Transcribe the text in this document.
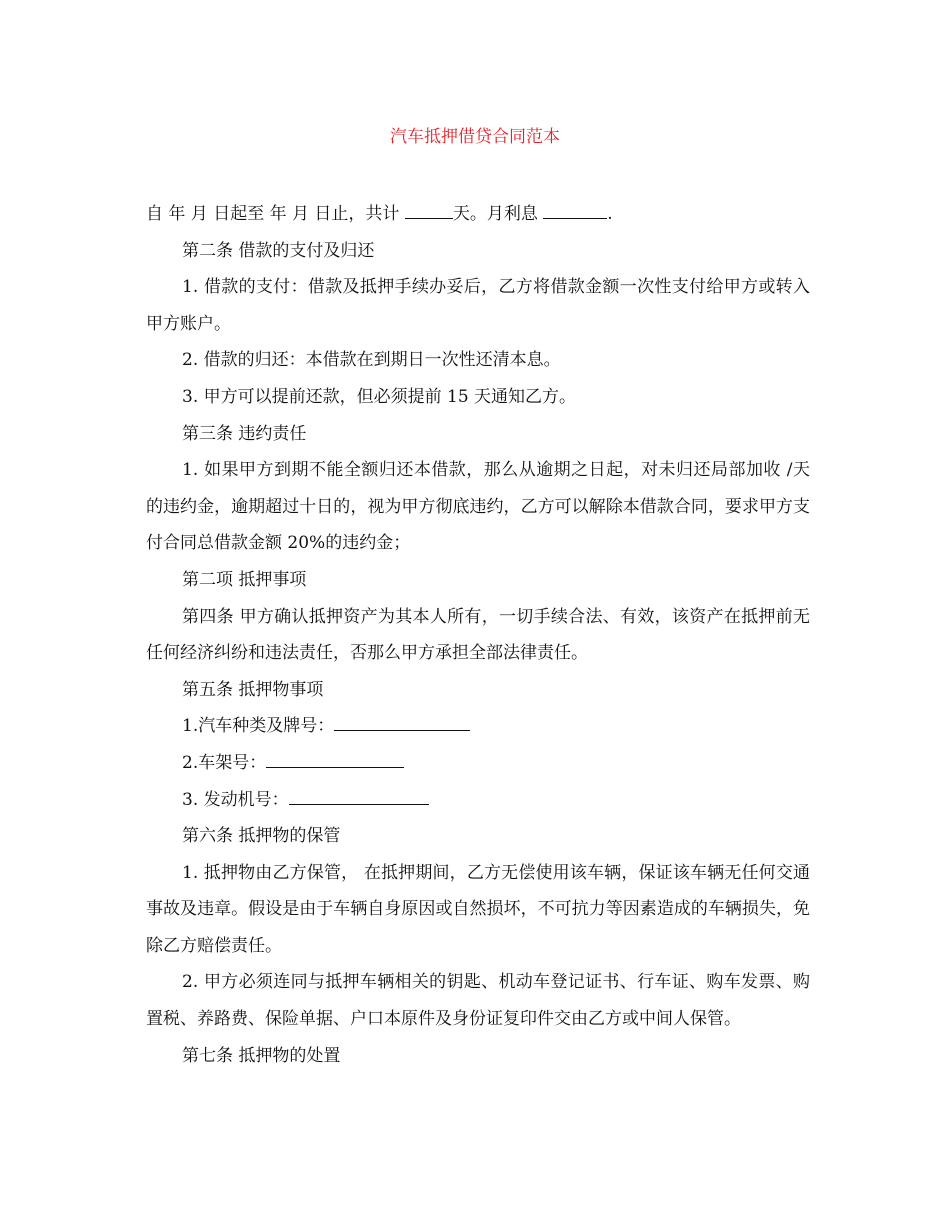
汽车抵押借贷合同范本

自 年 月 日起至 年 月 日止，共计	天。月利息	.

第二条 借款的支付及归还

1. 借款的支付：借款及抵押手续办妥后，乙方将借款金额一次性支付给甲方或转入甲方账户。

2. 借款的归还：本借款在到期日一次性还清本息。

3. 甲方可以提前还款，但必须提前 15 天通知乙方。

第三条 违约责任

1. 如果甲方到期不能全额归还本借款，那么从逾期之日起，对未归还局部加收 /天 的违约金，逾期超过十日的，视为甲方彻底违约，乙方可以解除本借款合同，要求甲方支付合同总借款金额 20%的违约金；

第二项 抵押事项

第四条 甲方确认抵押资产为其本人所有，一切手续合法、有效，该资产在抵押前无任何经济纠纷和违法责任，否那么甲方承担全部法律责任。

第五条 抵押物事项

1.汽车种类及牌号：

2.车架号：

3. 发动机号：

第六条 抵押物的保管

1. 抵押物由乙方保管， 在抵押期间，乙方无偿使用该车辆，保证该车辆无任何交通事故及违章。假设是由于车辆自身原因或自然损坏，不可抗力等因素造成的车辆损失，免除乙方赔偿责任。

2. 甲方必须连同与抵押车辆相关的钥匙、机动车登记证书、行车证、购车发票、购置税、养路费、保险单据、户口本原件及身份证复印件交由乙方或中间人保管。

第七条 抵押物的处置
